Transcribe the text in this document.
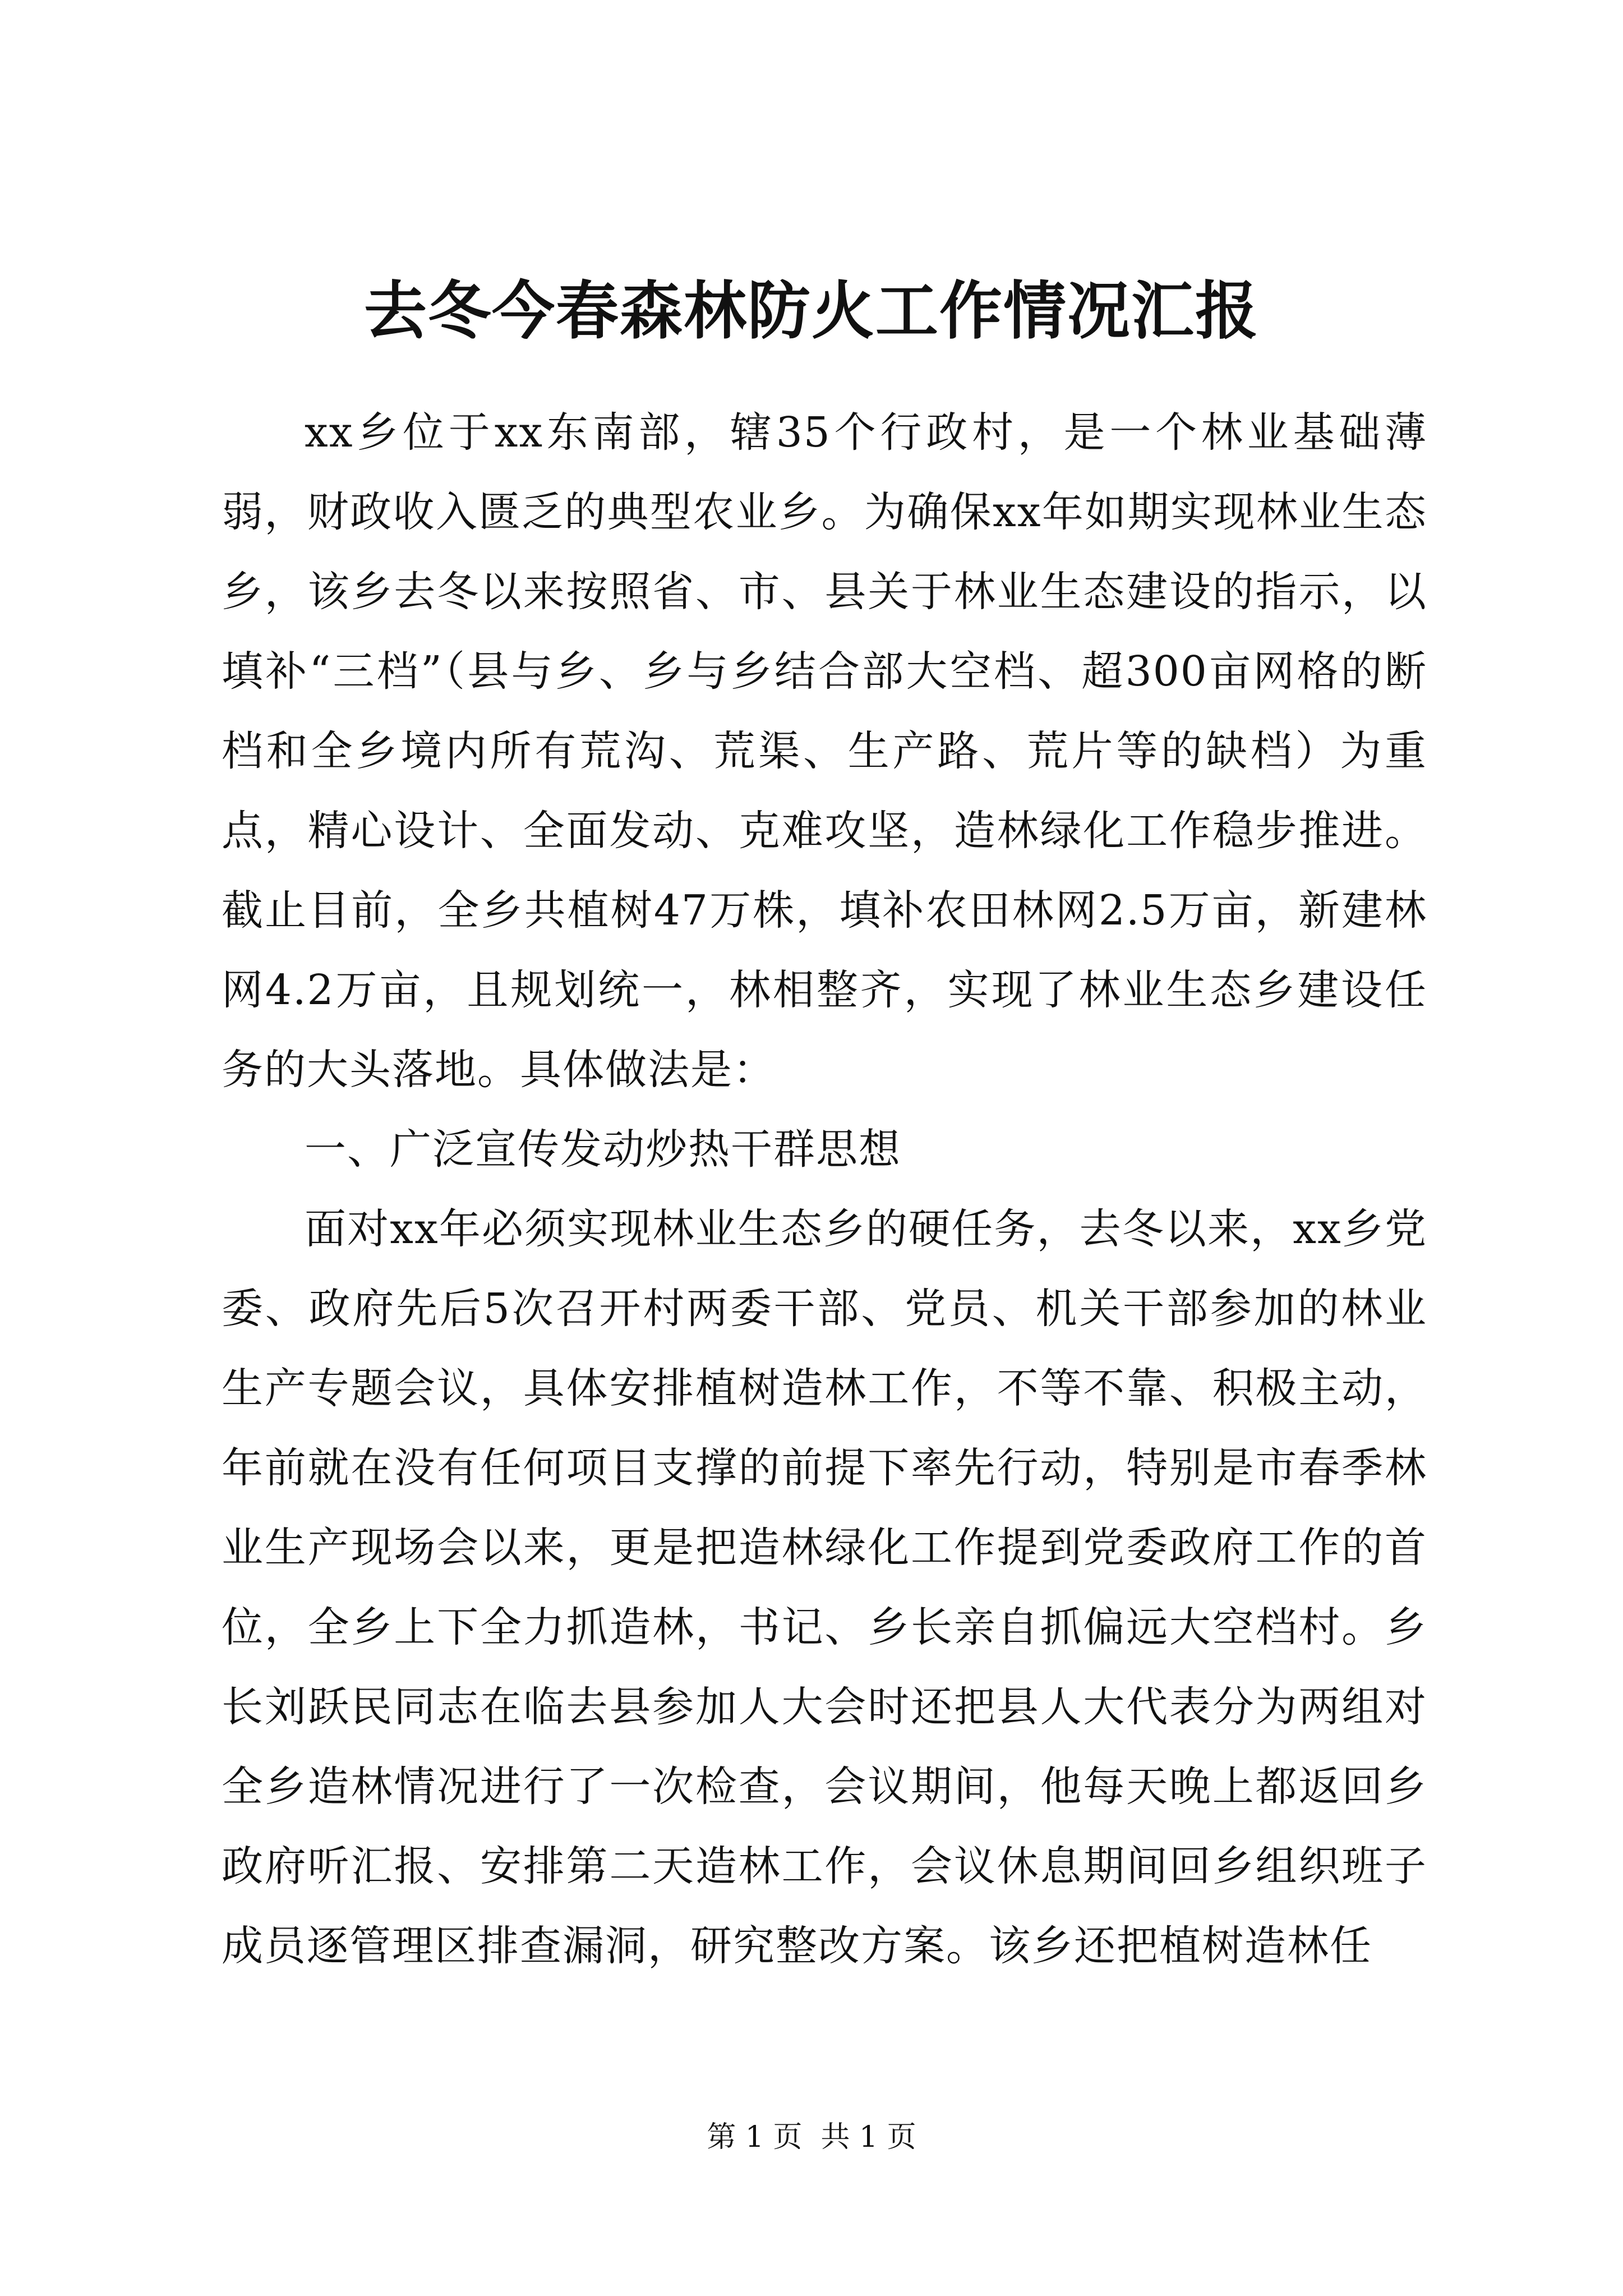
去冬今春森林防火工作情况汇报

xx乡位于xx东南部，辖35个行政村，是一个林业基础薄弱，财政收入匮乏的典型农业乡。为确保xx年如期实现林业生态乡，该乡去冬以来按照省、市、县关于林业生态建设的指示，以填补“三档”（县与乡、乡与乡结合部大空档、超300亩网格的断档和全乡境内所有荒沟、荒渠、生产路、荒片等的缺档）为重点，精心设计、全面发动、克难攻坚，造林绿化工作稳步推进。截止目前，全乡共植树47万株，填补农田林网2.5万亩，新建林网4.2万亩，且规划统一，林相整齐，实现了林业生态乡建设任务的大头落地。具体做法是：

一、广泛宣传发动炒热干群思想

面对xx年必须实现林业生态乡的硬任务，去冬以来，xx乡党委、政府先后5次召开村两委干部、党员、机关干部参加的林业生产专题会议，具体安排植树造林工作，不等不靠、积极主动，年前就在没有任何项目支撑的前提下率先行动，特别是市春季林业生产现场会以来，更是把造林绿化工作提到党委政府工作的首位，全乡上下全力抓造林，书记、乡长亲自抓偏远大空档村。乡长刘跃民同志在临去县参加人大会时还把县人大代表分为两组对全乡造林情况进行了一次检查，会议期间，他每天晚上都返回乡政府听汇报、安排第二天造林工作，会议休息期间回乡组织班子成员逐管理区排查漏洞，研究整改方案。该乡还把植树造林任

第 1 页  共 1 页
